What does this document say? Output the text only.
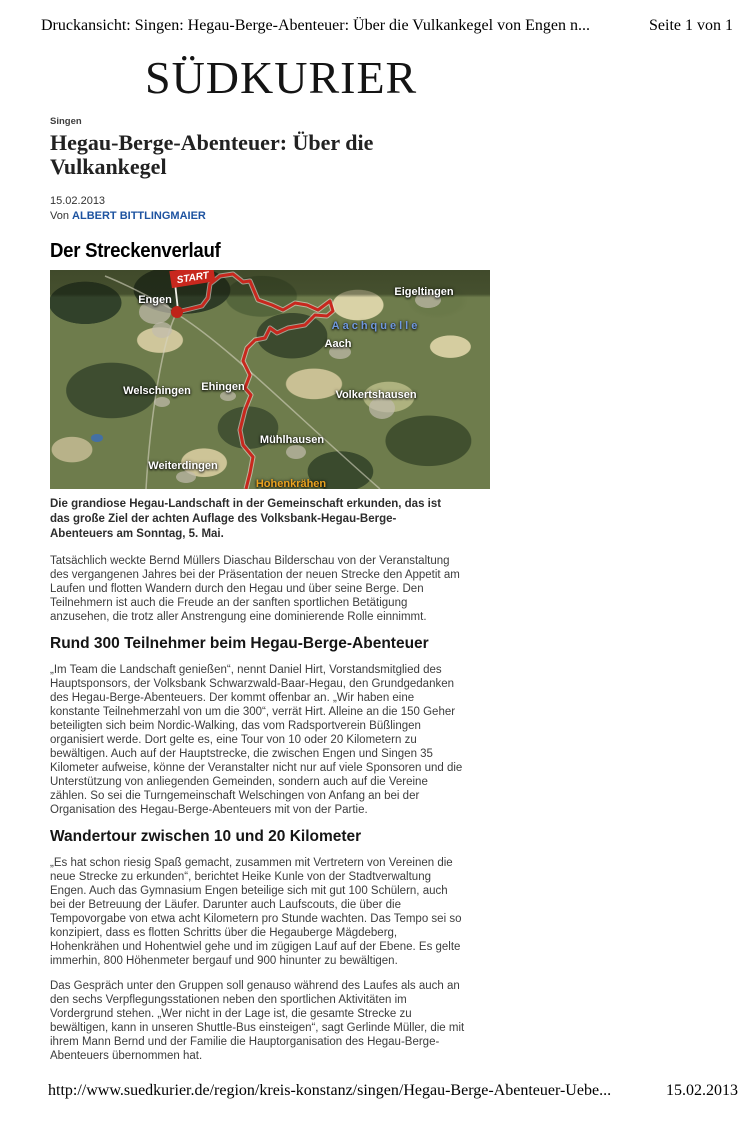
Druckansicht: Singen: Hegau-Berge-Abenteuer: Über die Vulkankegel von Engen n...	Seite 1 von 1
SÜDKURIER
Singen
Hegau-Berge-Abenteuer: Über die Vulkankegel
15.02.2013
Von ALBERT BITTLINGMAIER
Der Streckenverlauf
START
Engen
Eigeltingen
Aachquelle
Aach
Welschingen Ehingen
Volkertshausen
Mühlhausen
Weiterdingen
Hohenkrähen

Die grandiose Hegau-Landschaft in der Gemeinschaft erkunden, das ist das große Ziel der achten Auflage des Volksbank-Hegau-Berge-Abenteuers am Sonntag, 5. Mai.

Tatsächlich weckte Bernd Müllers Diaschau Bilderschau von der Veranstaltung des vergangenen Jahres bei der Präsentation der neuen Strecke den Appetit am Laufen und flotten Wandern durch den Hegau und über seine Berge. Den Teilnehmern ist auch die Freude an der sanften sportlichen Betätigung anzusehen, die trotz aller Anstrengung eine dominierende Rolle einnimmt.

Rund 300 Teilnehmer beim Hegau-Berge-Abenteuer

„Im Team die Landschaft genießen“, nennt Daniel Hirt, Vorstandsmitglied des Hauptsponsors, der Volksbank Schwarzwald-Baar-Hegau, den Grundgedanken des Hegau-Berge-Abenteuers. Der kommt offenbar an. „Wir haben eine konstante Teilnehmerzahl von um die 300“, verrät Hirt. Alleine an die 150 Geher beteiligten sich beim Nordic-Walking, das vom Radsportverein Büßlingen organisiert werde. Dort gelte es, eine Tour von 10 oder 20 Kilometern zu bewältigen. Auch auf der Hauptstrecke, die zwischen Engen und Singen 35 Kilometer aufweise, könne der Veranstalter nicht nur auf viele Sponsoren und die Unterstützung von anliegenden Gemeinden, sondern auch auf die Vereine zählen. So sei die Turngemeinschaft Welschingen von Anfang an bei der Organisation des Hegau-Berge-Abenteuers mit von der Partie.

Wandertour zwischen 10 und 20 Kilometer

„Es hat schon riesig Spaß gemacht, zusammen mit Vertretern von Vereinen die neue Strecke zu erkunden“, berichtet Heike Kunle von der Stadtverwaltung Engen. Auch das Gymnasium Engen beteilige sich mit gut 100 Schülern, auch bei der Betreuung der Läufer. Darunter auch Laufscouts, die über die Tempovorgabe von etwa acht Kilometern pro Stunde wachten. Das Tempo sei so konzipiert, dass es flotten Schritts über die Hegauberge Mägdeberg, Hohenkrähen und Hohentwiel gehe und im zügigen Lauf auf der Ebene. Es gelte immerhin, 800 Höhenmeter bergauf und 900 hinunter zu bewältigen.

Das Gespräch unter den Gruppen soll genauso während des Laufes als auch an den sechs Verpflegungsstationen neben den sportlichen Aktivitäten im Vordergrund stehen. „Wer nicht in der Lage ist, die gesamte Strecke zu bewältigen, kann in unseren Shuttle-Bus einsteigen“, sagt Gerlinde Müller, die mit ihrem Mann Bernd und der Familie die Hauptorganisation des Hegau-Berge-Abenteuers übernommen hat.

http://www.suedkurier.de/region/kreis-konstanz/singen/Hegau-Berge-Abenteuer-Uebe...	15.02.2013
